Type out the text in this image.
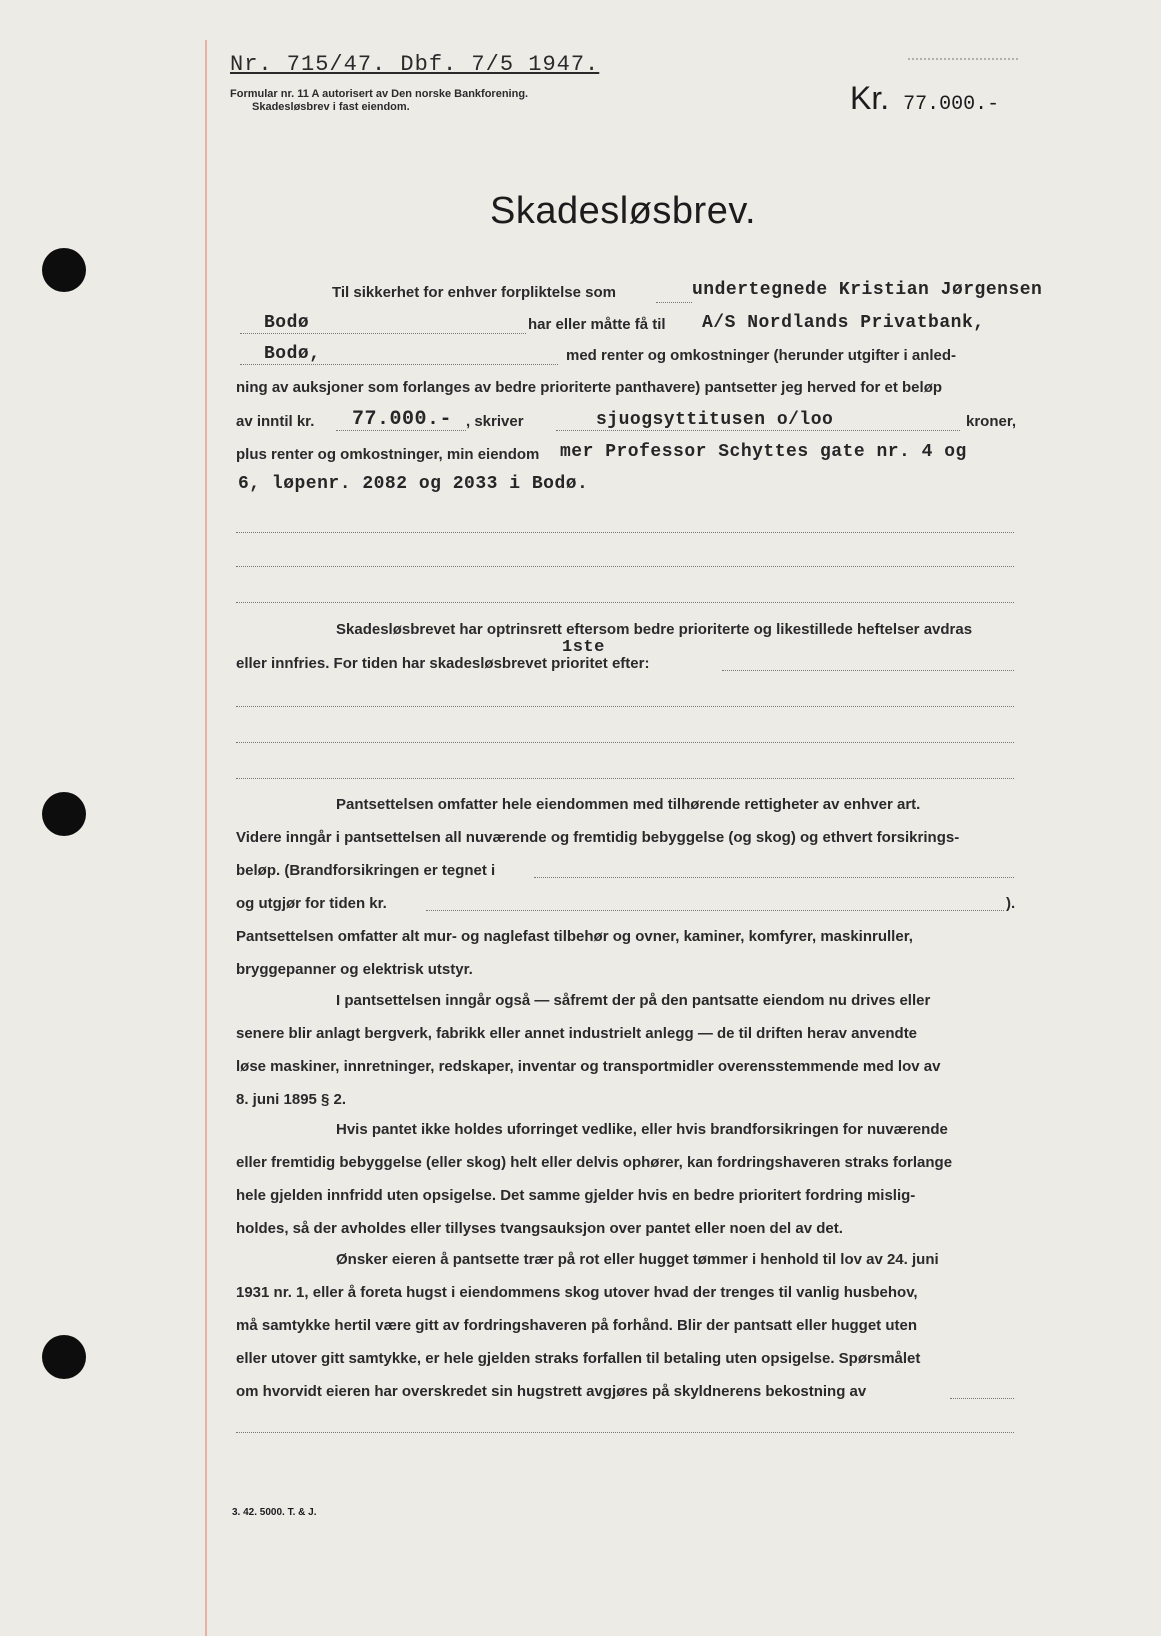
Nr. 715/47. Dbf. 7/5 1947.
Formular nr. 11 A autorisert av Den norske Bankforening.
Skadesløsbrev i fast eiendom.	Kr. 77.000.-
Skadesløsbrev.
Til sikkerhet for enhver forpliktelse som	undertegnede Kristian Jørgensen
Bodø	har eller måtte få til A/S Nordlands Privatbank,
Bodø,	med renter og omkostninger (herunder utgifter i anled-
ning av auksjoner som forlanges av bedre prioriterte panthavere) pantsetter jeg herved for et beløp
av inntil kr. 77.000.- , skriver	sjuogsyttitusen o/loo	kroner,
plus renter og omkostninger, min eiendom mer Professor Schyttes gate nr. 4 og
6, løpenr. 2082 og 2033 i Bodø.
Skadesløsbrevet har optrinsrett eftersom bedre prioriterte og likestillede heftelser avdras
1ste
eller innfries. For tiden har skadesløsbrevet prioritet efter:
Pantsettelsen omfatter hele eiendommen med tilhørende rettigheter av enhver art.
Videre inngår i pantsettelsen all nuværende og fremtidig bebyggelse (og skog) og ethvert forsikrings-
beløp. (Brandforsikringen er tegnet i
og utgjør for tiden kr.	).
Pantsettelsen omfatter alt mur- og naglefast tilbehør og ovner, kaminer, komfyrer, maskinruller,
bryggepanner og elektrisk utstyr.
I pantsettelsen inngår også — såfremt der på den pantsatte eiendom nu drives eller
senere blir anlagt bergverk, fabrikk eller annet industrielt anlegg — de til driften herav anvendte
løse maskiner, innretninger, redskaper, inventar og transportmidler overensstemmende med lov av
8. juni 1895 § 2.
Hvis pantet ikke holdes uforringet vedlike, eller hvis brandforsikringen for nuværende
eller fremtidig bebyggelse (eller skog) helt eller delvis ophører, kan fordringshaveren straks forlange
hele gjelden innfridd uten opsigelse. Det samme gjelder hvis en bedre prioritert fordring mislig-
holdes, så der avholdes eller tillyses tvangsauksjon over pantet eller noen del av det.
Ønsker eieren å pantsette trær på rot eller hugget tømmer i henhold til lov av 24. juni
1931 nr. 1, eller å foreta hugst i eiendommens skog utover hvad der trenges til vanlig husbehov,
må samtykke hertil være gitt av fordringshaveren på forhånd. Blir der pantsatt eller hugget uten
eller utover gitt samtykke, er hele gjelden straks forfallen til betaling uten opsigelse. Spørsmålet
om hvorvidt eieren har overskredet sin hugstrett avgjøres på skyldnerens bekostning av
3. 42. 5000. T. & J.
